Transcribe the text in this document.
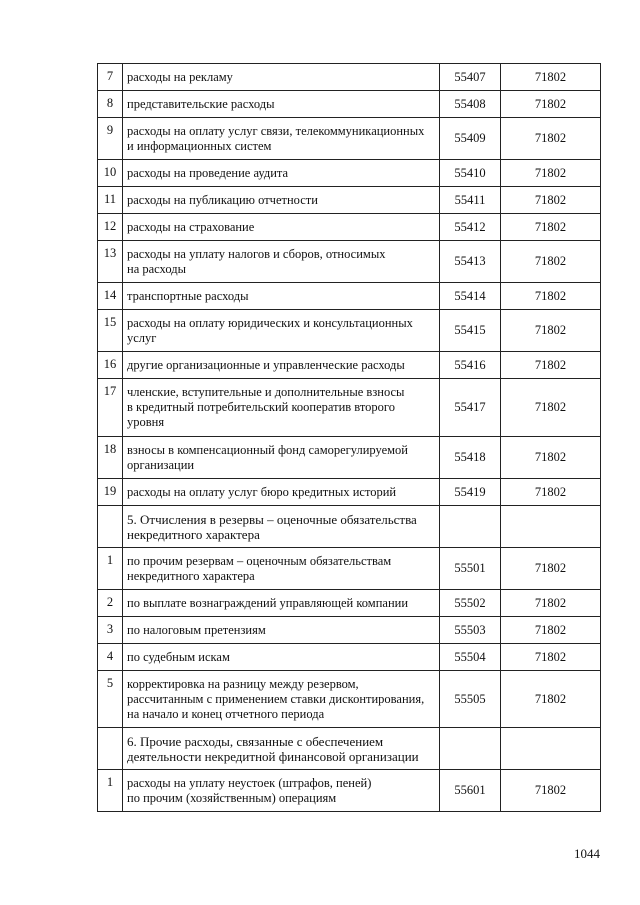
7	расходы на рекламу	55407	71802
8	представительские расходы	55408	71802
9	расходы на оплату услуг связи, телекоммуникационных
и информационных систем	55409	71802
10	расходы на проведение аудита	55410	71802
11	расходы на публикацию отчетности	55411	71802
12	расходы на страхование	55412	71802
13	расходы на уплату налогов и сборов, относимых
на расходы	55413	71802
14	транспортные расходы	55414	71802
15	расходы на оплату юридических и консультационных
услуг	55415	71802
16	другие организационные и управленческие расходы	55416	71802
17	членские, вступительные и дополнительные взносы
в кредитный потребительский кооператив второго
уровня	55417	71802
18	взносы в компенсационный фонд саморегулируемой
организации	55418	71802
19	расходы на оплату услуг бюро кредитных историй	55419	71802
	5. Отчисления в резервы – оценочные обязательства
некредитного характера		
1	по прочим резервам – оценочным обязательствам
некредитного характера	55501	71802
2	по выплате вознаграждений управляющей компании	55502	71802
3	по налоговым претензиям	55503	71802
4	по судебным искам	55504	71802
5	корректировка на разницу между резервом,
рассчитанным с применением ставки дисконтирования,
на начало и конец отчетного периода	55505	71802
	6. Прочие расходы, связанные с обеспечением
деятельности некредитной финансовой организации		
1	расходы на уплату неустоек (штрафов, пеней)
по прочим (хозяйственным) операциям	55601	71802
1044
